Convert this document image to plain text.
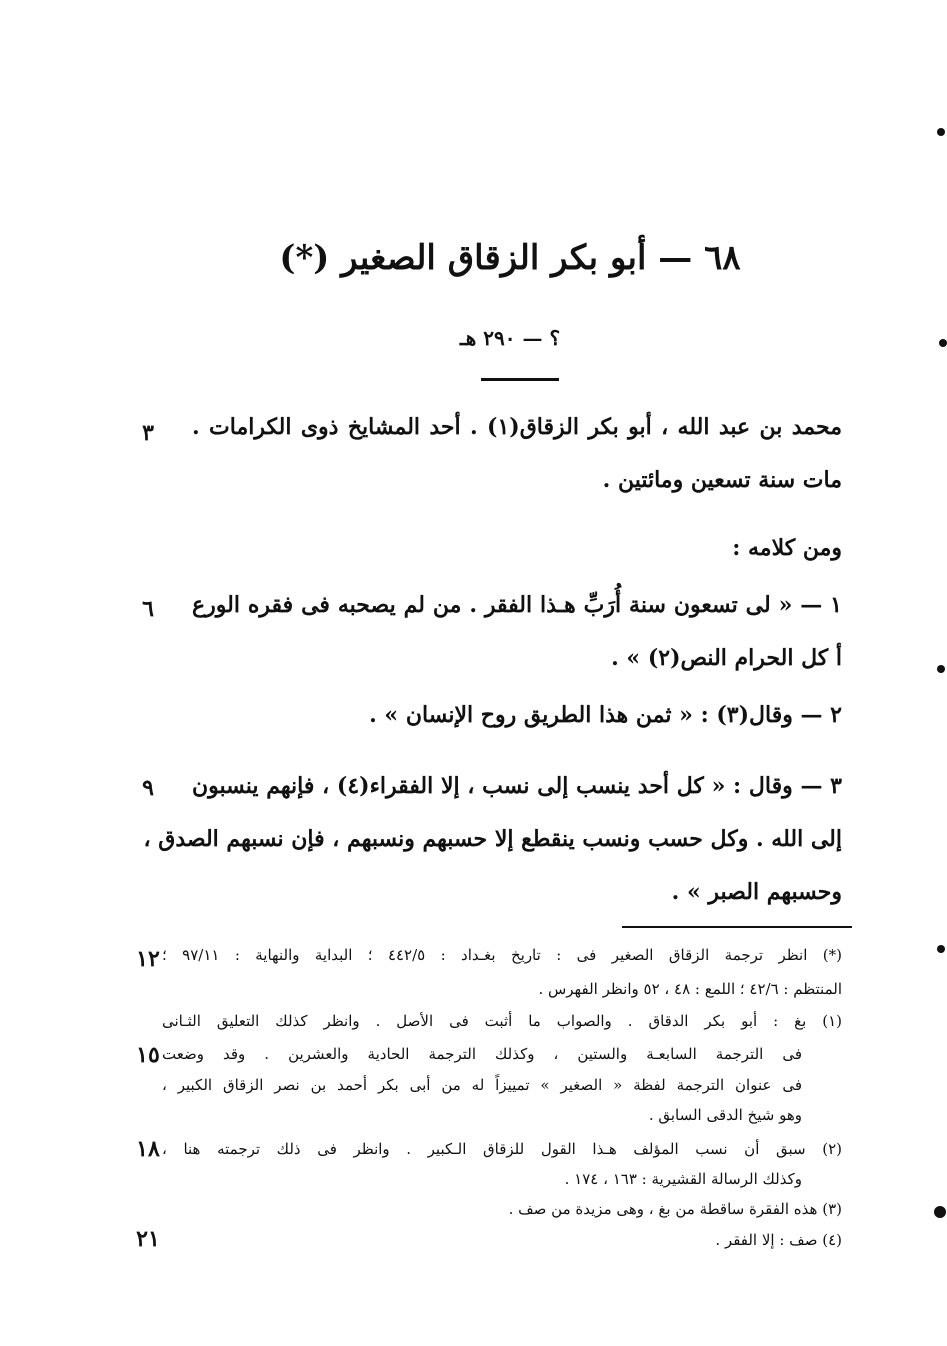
٦٨ — أبو بكر الزقاق الصغير (*)
؟ — ٢٩٠ هـ
محمد بن عبد الله ، أبو بكر الزقاق(١) . أحد المشايخ ذوى الكرامات .
مات سنة تسعين ومائتين .
ومن كلامه :
١ — « لى تسعون سنة أُرَبِّ هـذا الفقر . من لم يصحبه فى فقره الورع
أ كل الحرام النص(٢) » .
٢ — وقال(٣) : « ثمن هذا الطريق روح الإنسان » .
٣ — وقال : « كل أحد ينسب إلى نسب ، إلا الفقراء(٤) ، فإنهم ينسبون
إلى الله . وكل حسب ونسب ينقطع إلا حسبهم ونسبهم ، فإن نسبهم الصدق ،
وحسبهم الصبر » .
(*) انظر ترجمة الزقاق الصغير فى : تاريخ بغـداد : ٤٤٢/٥ ؛ البداية والنهاية : ٩٧/١١ ؛
المنتظم : ٤٢/٦ ؛ اللمع : ٤٨ ، ٥٢ وانظر الفهرس .
(١) بغ : أبو بكر الدقاق . والصواب ما أثبت فى الأصل . وانظر كذلك التعليق الثـانى
فى الترجمة السابعـة والستين ، وكذلك الترجمة الحادية والعشرين . وقد وضعت
فى عنوان الترجمة لفظة « الصغير » تمييزاً له من أبى بكر أحمد بن نصر الزقاق الكبير ،
وهو شيخ الدقى السابق .
(٢) سبق أن نسب المؤلف هـذا القول للزقاق الـكبير . وانظر فى ذلك ترجمته هنا ،
وكذلك الرسالة القشيرية : ١٦٣ ، ١٧٤ .
(٣) هذه الفقرة ساقطة من بغ ، وهى مزيدة من صف .
(٤) صف : إلا الفقر .
٣
٦
٩
١٢
١٥
١٨
٢١
